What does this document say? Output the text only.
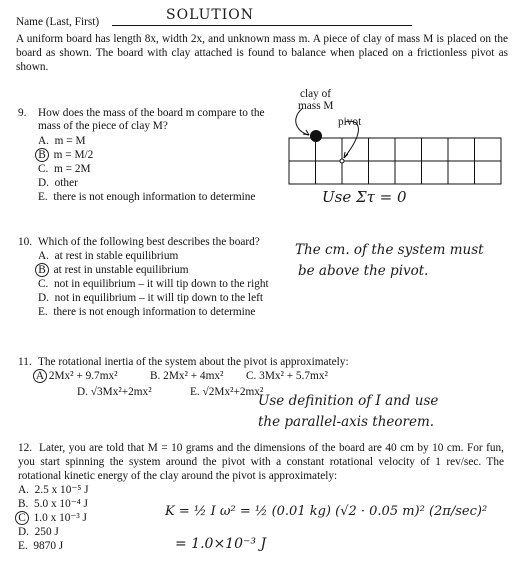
Name (Last, First)	SOLUTION
A uniform board has length 8x, width 2x, and unknown mass m. A piece of clay of mass M is placed on the board as shown. The board with clay attached is found to balance when placed on a frictionless pivot as shown.
clay of
mass M
pivot
9. How does the mass of the board m compare to the
mass of the piece of clay M?
A. m = M
B m = M/2
C. m = 2M
D. other
E. there is not enough information to determine	Use Στ = 0
10. Which of the following best describes the board?
A. at rest in stable equilibrium
B at rest in unstable equilibrium
C. not in equilibrium – it will tip down to the right
D. not in equilibrium – it will tip down to the left
E. there is not enough information to determine
The cm. of the system must
be above the pivot.
11. The rotational inertia of the system about the pivot is approximately:
A 2Mx² + 9.7mx²	B. 2Mx² + 4mx² C. 3Mx² + 5.7mx²
D. √3Mx²+2mx²	E. √2Mx²+2mx²
Use definition of I and use
the parallel-axis theorem.
12. Later, you are told that M = 10 grams and the dimensions of the board are 40 cm by 10 cm. For fun, you start spinning the system around the pivot with a constant rotational velocity of 1 rev/sec. The rotational kinetic energy of the clay around the pivot is approximately:
A. 2.5 x 10⁻⁵ J
B. 5.0 x 10⁻⁴ J
C 1.0 x 10⁻³ J
D. 250 J
E. 9870 J
K = ½ I ω² = ½ (0.01 kg) (√2 · 0.05 m)² (2π/sec)²
= 1.0×10⁻³ J
